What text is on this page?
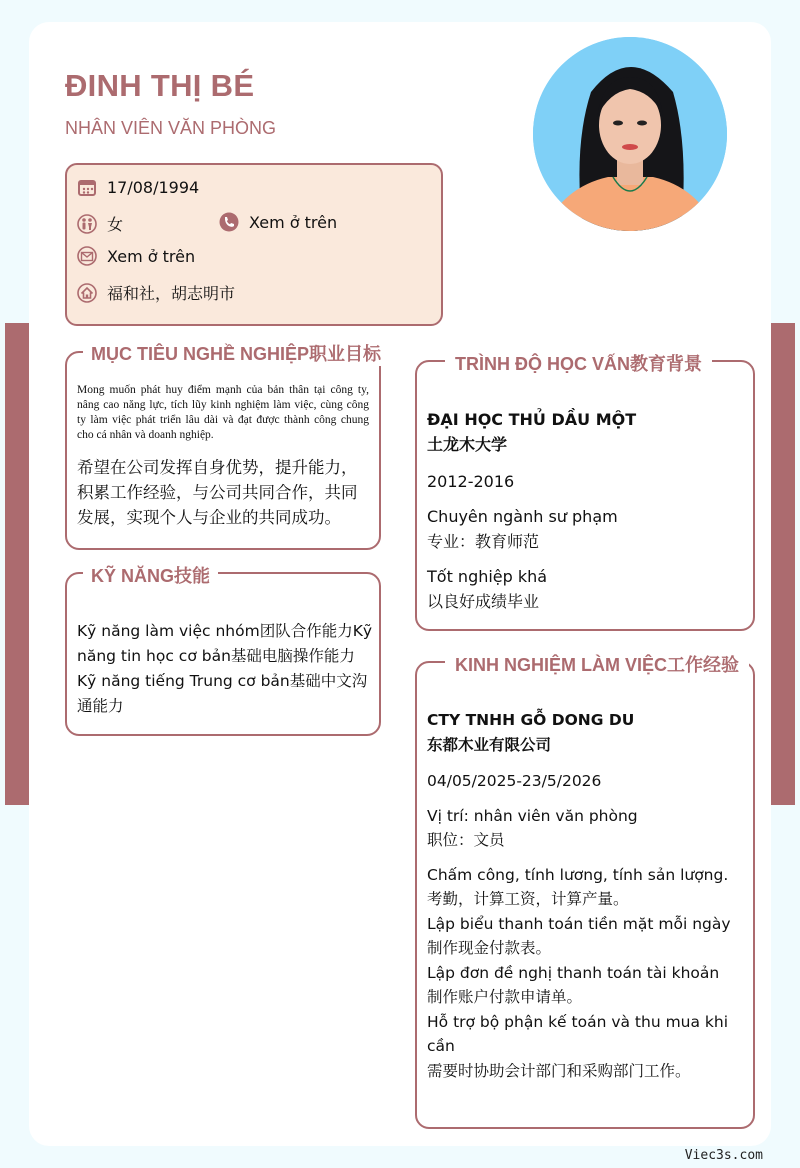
ĐINH THỊ BÉ
NHÂN VIÊN VĂN PHÒNG
17/08/1994
女	Xem ở trên
Xem ở trên
福和社，胡志明市
MỤC TIÊU NGHỀ NGHIỆP职业目标
Mong muốn phát huy điểm mạnh của bản thân tại công ty, nâng cao năng lực, tích lũy kinh nghiệm làm việc, cùng công ty làm việc phát triển lâu dài và đạt được thành công chung cho cá nhân và doanh nghiệp.
希望在公司发挥自身优势，提升能力，
积累工作经验，与公司共同合作，共同
发展，实现个人与企业的共同成功。
KỸ NĂNG技能
Kỹ năng làm việc nhóm团队合作能力Kỹ
năng tin học cơ bản基础电脑操作能力
Kỹ năng tiếng Trung cơ bản基础中文沟
通能力
TRÌNH ĐỘ HỌC VẤN教育背景
ĐẠI HỌC THỦ DẦU MỘT
土龙木大学
2012-2016
Chuyên ngành sư phạm
专业：教育师范
Tốt nghiệp khá
以良好成绩毕业
KINH NGHIỆM LÀM VIỆC工作经验
CTY TNHH GỖ DONG DU
东都木业有限公司
04/05/2025-23/5/2026
Vị trí: nhân viên văn phòng
职位：文员
Chấm công, tính lương, tính sản lượng.
考勤，计算工资，计算产量。
Lập biểu thanh toán tiền mặt mỗi ngày
制作现金付款表。
Lập đơn đề nghị thanh toán tài khoản
制作账户付款申请单。
Hỗ trợ bộ phận kế toán và thu mua khi
cần
需要时协助会计部门和采购部门工作。
Viec3s.com
